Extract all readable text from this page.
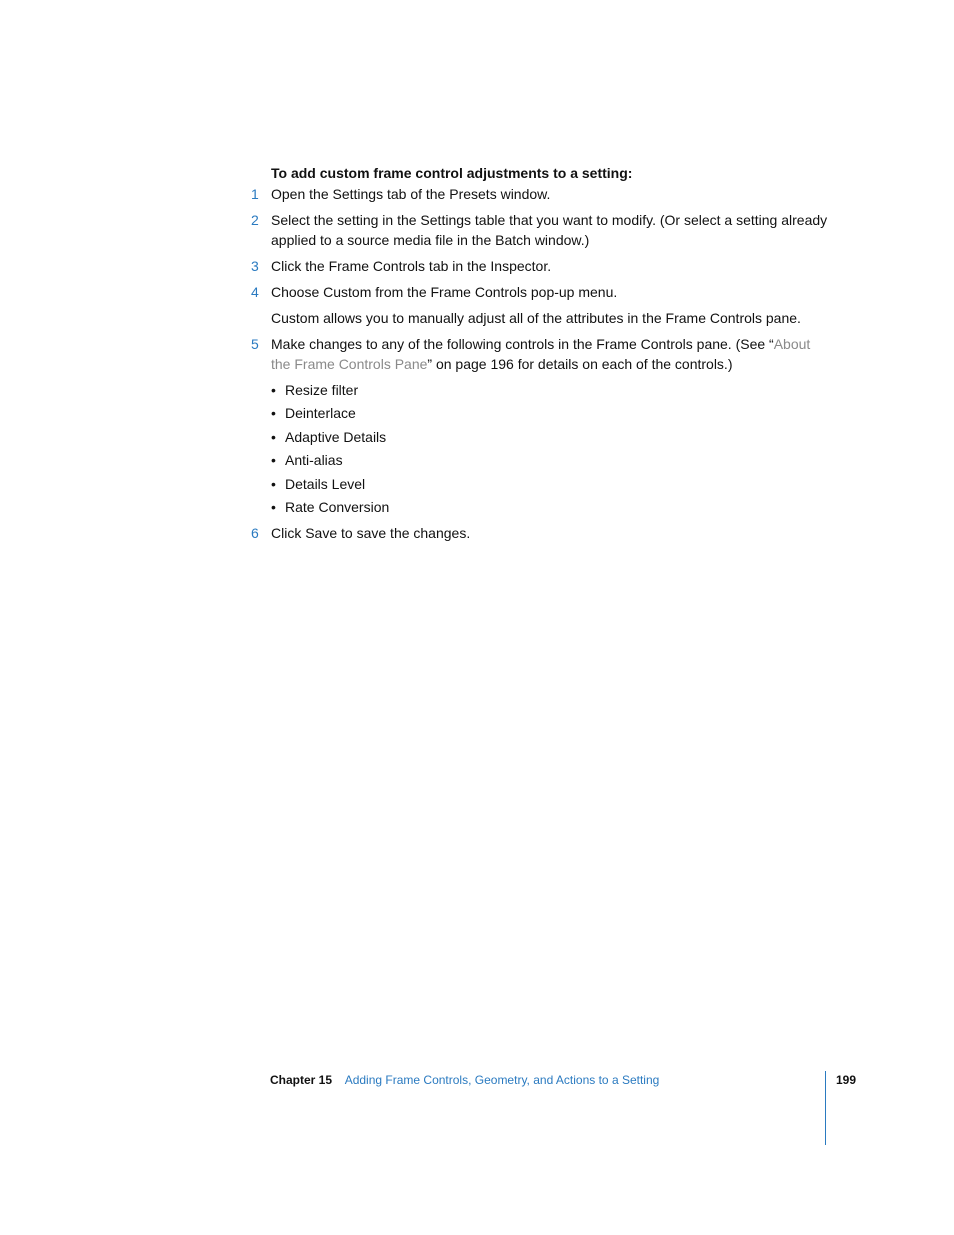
To add custom frame control adjustments to a setting:

1 Open the Settings tab of the Presets window.
2 Select the setting in the Settings table that you want to modify. (Or select a setting already applied to a source media file in the Batch window.)
3 Click the Frame Controls tab in the Inspector.
4 Choose Custom from the Frame Controls pop-up menu.

Custom allows you to manually adjust all of the attributes in the Frame Controls pane.

5 Make changes to any of the following controls in the Frame Controls pane. (See “About the Frame Controls Pane” on page 196 for details on each of the controls.)
• Resize filter
• Deinterlace
• Adaptive Details
• Anti-alias
• Details Level
• Rate Conversion
6 Click Save to save the changes.
Chapter 15 Adding Frame Controls, Geometry, and Actions to a Setting	199
